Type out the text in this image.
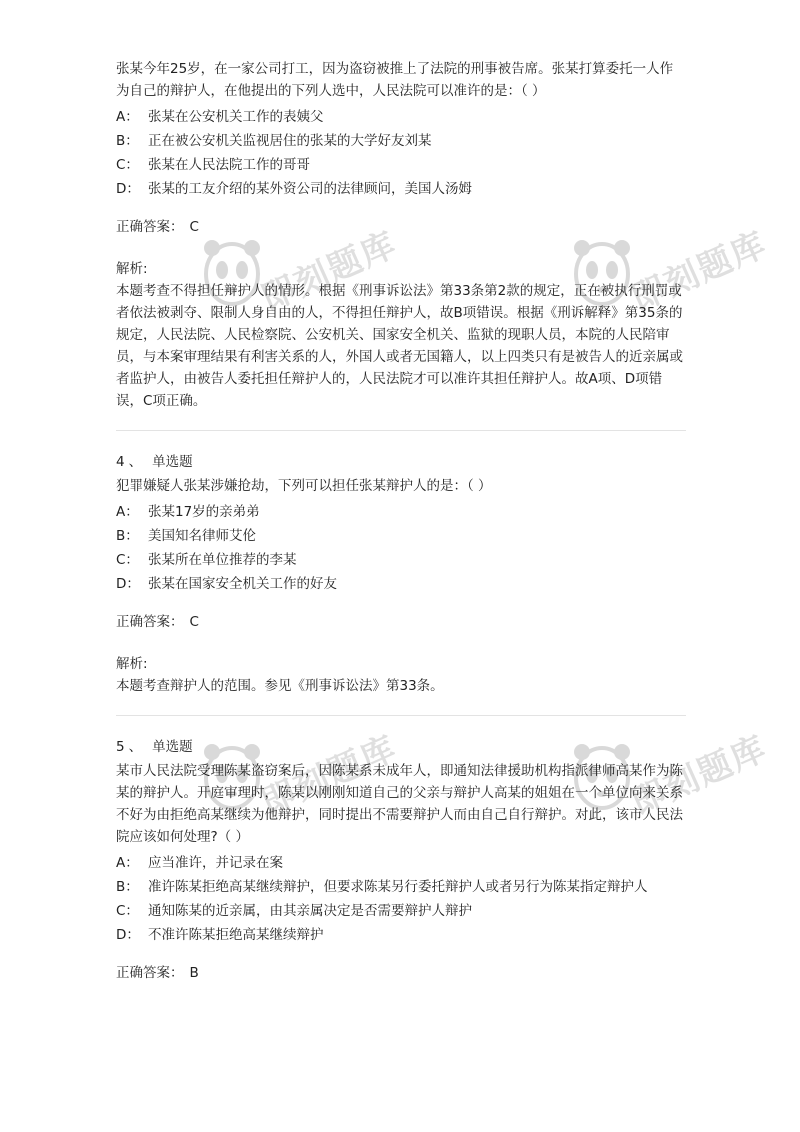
即刻题库	即刻题库
即刻题库	即刻题库

张某今年25岁，在一家公司打工，因为盗窃被推上了法院的刑事被告席。张某打算委托一人作为自己的辩护人，在他提出的下列人选中，人民法院可以准许的是：（ ）

A： 张某在公安机关工作的表姨父
B： 正在被公安机关监视居住的张某的大学好友刘某
C： 张某在人民法院工作的哥哥
D： 张某的工友介绍的某外资公司的法律顾问，美国人汤姆
正确答案： C
解析:

本题考查不得担任辩护人的情形。根据《刑事诉讼法》第33条第2款的规定，正在被执行刑罚或者依法被剥夺、限制人身自由的人，不得担任辩护人，故B项错误。根据《刑诉解释》第35条的规定，人民法院、人民检察院、公安机关、国家安全机关、监狱的现职人员，本院的人民陪审员，与本案审理结果有利害关系的人，外国人或者无国籍人，以上四类只有是被告人的近亲属或者监护人，由被告人委托担任辩护人的，人民法院才可以准许其担任辩护人。故A项、D项错误，C项正确。

4 、 单选题

犯罪嫌疑人张某涉嫌抢劫，下列可以担任张某辩护人的是：（ ）

A： 张某17岁的亲弟弟
B： 美国知名律师艾伦
C： 张某所在单位推荐的李某
D： 张某在国家安全机关工作的好友
正确答案： C
解析:

本题考查辩护人的范围。参见《刑事诉讼法》第33条。

5 、 单选题

某市人民法院受理陈某盗窃案后，因陈某系未成年人，即通知法律援助机构指派律师高某作为陈某的辩护人。开庭审理时，陈某以刚刚知道自己的父亲与辩护人高某的姐姐在一个单位向来关系不好为由拒绝高某继续为他辩护，同时提出不需要辩护人而由自己自行辩护。对此，该市人民法院应该如何处理?（ ）

A： 应当准许，并记录在案
B： 准许陈某拒绝高某继续辩护，但要求陈某另行委托辩护人或者另行为陈某指定辩护人
C： 通知陈某的近亲属，由其亲属决定是否需要辩护人辩护
D： 不准许陈某拒绝高某继续辩护
正确答案： B
